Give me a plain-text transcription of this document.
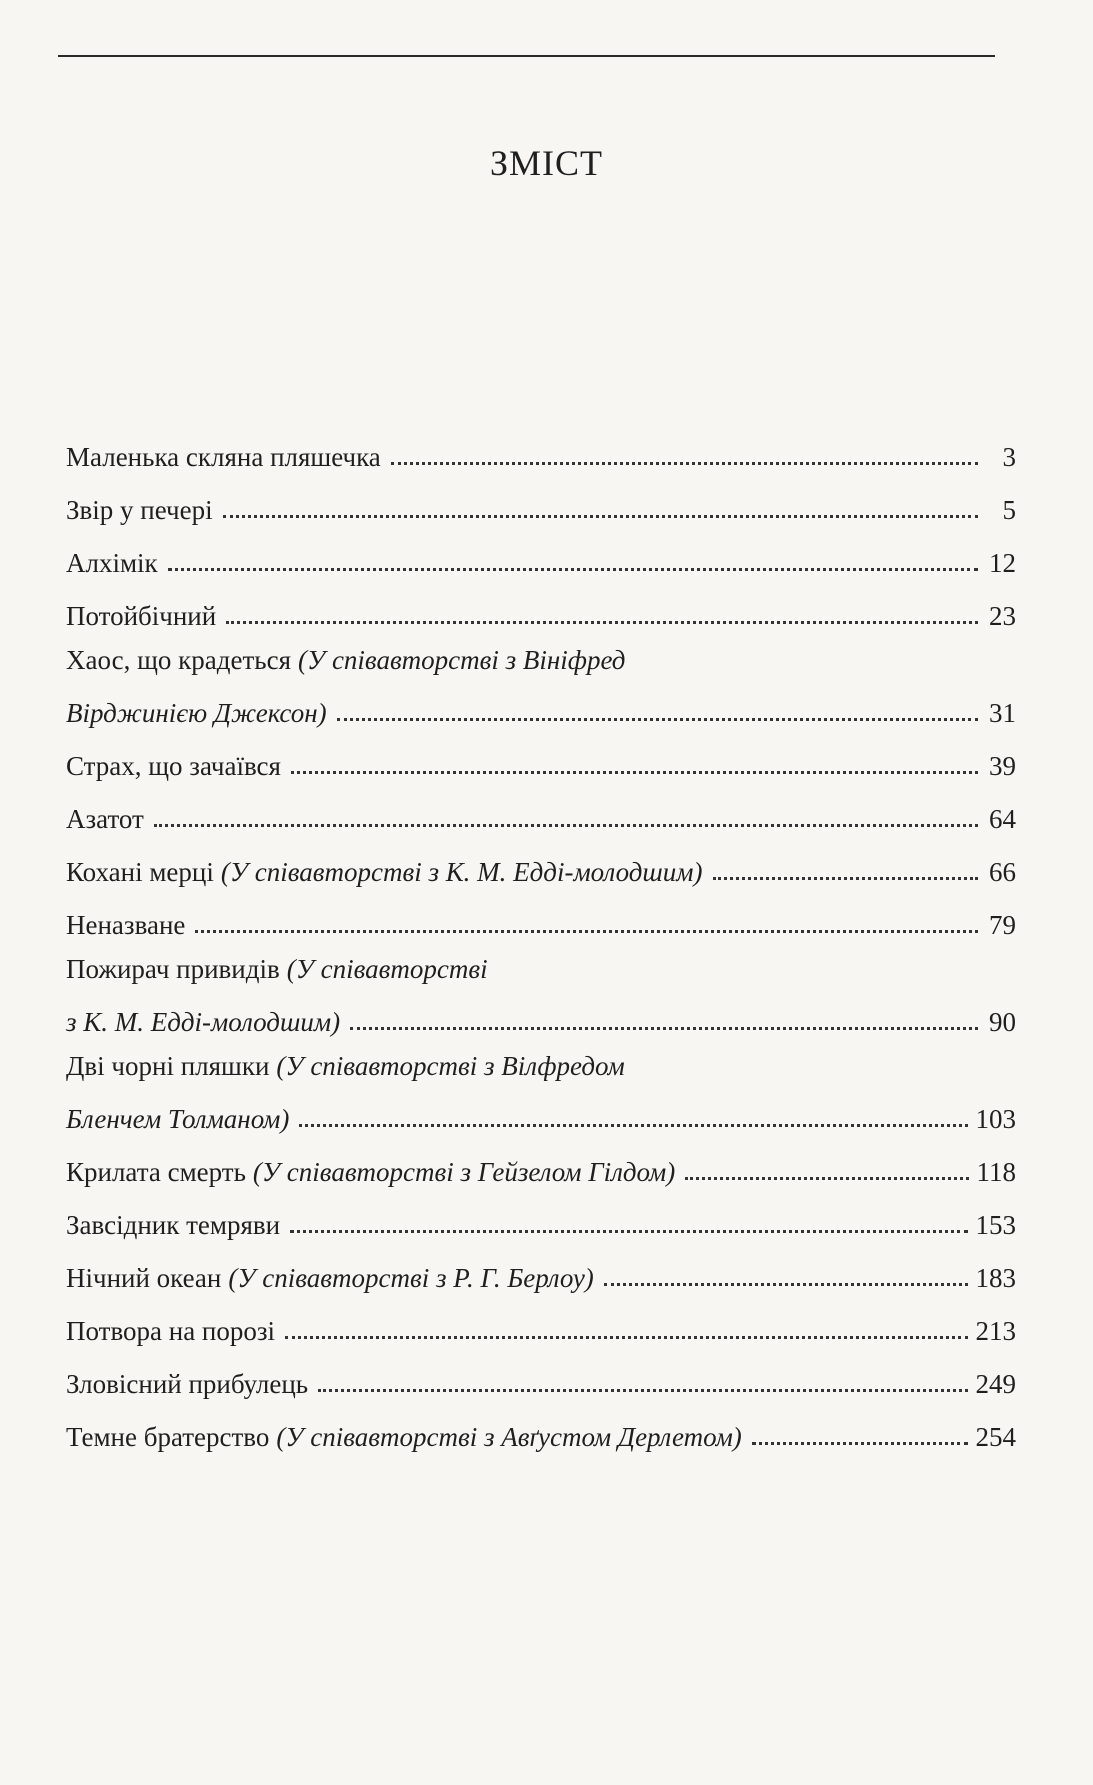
ЗМІСТ
Маленька скляна пляшечка	3
Звір у печері	5
Алхімік	12
Потойбічний	23
Хаос, що крадеться (У співавторстві з Вініфред
Вірджинією Джексон)	31
Страх, що зачаївся	39
Азатот	64
Кохані мерці (У співавторстві з К. М. Едді-молодшим)	66
Неназване	79
Пожирач привидів (У співавторстві
з К. М. Едді-молодшим)	90
Дві чорні пляшки (У співавторстві з Вілфредом
Бленчем Толманом)	103
Крилата смерть (У співавторстві з Гейзелом Гілдом)	118
Завсідник темряви	153
Нічний океан (У співавторстві з Р. Г. Берлоу)	183
Потвора на порозі	213
Зловісний прибулець	249
Темне братерство (У співавторстві з Авґустом Дерлетом)	254
